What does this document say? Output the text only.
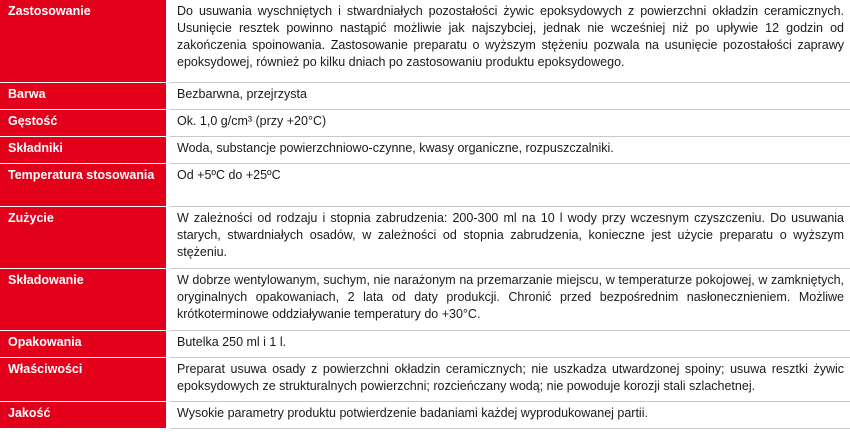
Zastosowanie	Do usuwania wyschniętych i stwardniałych pozostałości żywic epoksydowych z powierzchni okładzin ceramicznych. Usunięcie resztek powinno nastąpić możliwie jak najszybciej, jednak nie wcześniej niż po upływie 12 godzin od zakończenia spoinowania. Zastosowanie preparatu o wyższym stężeniu pozwala na usunięcie pozostałości zaprawy epoksydowej, również po kilku dniach po zastosowaniu produktu epoksydowego.
Barwa	Bezbarwna, przejrzysta
Gęstość	Ok. 1,0 g/cm³ (przy +20°C)
Składniki	Woda, substancje powierzchniowo-czynne, kwasy organiczne, rozpuszczalniki.
Temperatura stosowania	Od +5ºC do +25ºC
Zużycie	W zależności od rodzaju i stopnia zabrudzenia: 200-300 ml na 10 l wody przy wczesnym czyszczeniu. Do usuwania starych, stwardniałych osadów, w zależności od stopnia zabrudzenia, konieczne jest użycie preparatu o wyższym stężeniu.
Składowanie	W dobrze wentylowanym, suchym, nie narażonym na przemarzanie miejscu, w temperaturze pokojowej, w zamkniętych, oryginalnych opakowaniach, 2 lata od daty produkcji. Chronić przed bezpośrednim nasłonecznieniem. Możliwe krótkoterminowe oddziaływanie temperatury do +30°C.
Opakowania	Butelka 250 ml i 1 l.
Właściwości	Preparat usuwa osady z powierzchni okładzin ceramicznych; nie uszkadza utwardzonej spoiny; usuwa resztki żywic epoksydowych ze strukturalnych powierzchni; rozcieńczany wodą; nie powoduje korozji stali szlachetnej.
Jakość	Wysokie parametry produktu potwierdzenie badaniami każdej wyprodukowanej partii.
